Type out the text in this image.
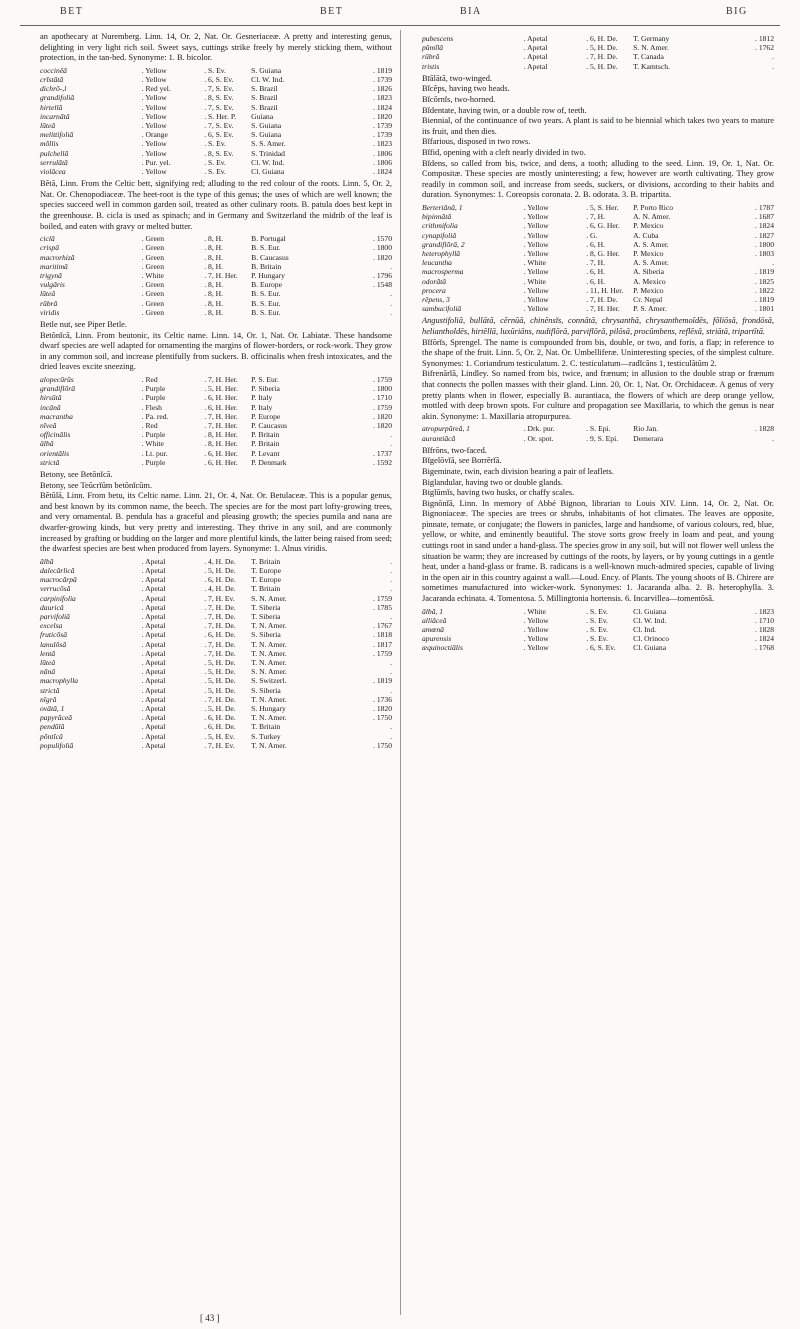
BET	BET	BIA	BIG

an apothecary at Nuremberg. Linn. 14, Or. 2, Nat. Or. Gesneriaceæ. A pretty and interesting genus, delighting in very light rich soil. Sweet says, cuttings strike freely by merely sticking them, without protection, in the tan-bed. Synonyme: 1. B. bicolor.

coccinĕă	. Yellow	. S. Ev.	S. Guiana	. 1819
crīstātā	. Yellow	. 6, S. Ev.	Cl. W. Ind.	. 1739
dichrŏ-,l	. Red yel.	. 7, S. Ev.	S. Brazil	. 1826
grandifoliă	. Yellow	. 8, S. Ev.	S. Brazil	. 1823
hirtellă	. Yellow	. 7, S. Ev.	S. Brazil	. 1824
incarnātă	. Yellow	. S. Her. P.	Guiana	. 1820
lūteă	. Yellow	. 7, S. Ev.	S. Guiana	. 1739
melittifoliă	. Orange	. 6, S. Ev.	S. Guiana	. 1739
mŏllis	. Yellow	. S. Ev.	S. S. Amer.	. 1823
pulchellă	. Yellow	. 8, S. Ev.	S. Trinidad	. 1806
serrulātă	. Pur. yel.	. S. Ev.	Cl. W. Ind.	. 1806
violācea	. Yellow	. S. Ev.	Cl. Guiana	. 1824

Bĕtă, Linn. From the Celtic bett, signifying red; alluding to the red colour of the roots. Linn. 5, Or. 2, Nat. Or. Chenopodiaceæ. The beet-root is the type of this genus; the uses of which are well known; the species succeed well in common garden soil, treated as other culinary roots. B. patula does best kept in the greenhouse. B. cicla is used as spinach; and in Germany and Switzerland the midrib of the leaf is boiled, and eaten with gravy or melted butter.

ciclă	. Green	. 8, H.	B. Portugal	. 1570
crispă	. Green	. 8, H.	B. S. Eur.	. 1800
macrorhiză	. Green	. 8, H.	B. Caucasus	. 1820
maritimă	. Green	. 8, H.	B. Britain	.
trigynă	. White	. 7, H. Her.	P. Hungary	. 1796
vulgāris	. Green	. 8, H.	B. Europe	. 1548
lūteă	. Green	. 8, H.	B. S. Eur.	.
rūbră	. Green	. 8, H.	B. S. Eur.	.
viridis	. Green	. 8, H.	B. S. Eur.	.

Betle nut, see Piper Betle.

Betŏnĭcā, Linn. From beutonic, its Celtic name. Linn. 14, Or. 1, Nat. Or. Labiatæ. These handsome dwarf species are well adapted for ornamenting the margins of flower-borders, or rock-work. They grow in any common soil, and increase plentifully from suckers. B. officinalis when fresh intoxicates, and the dried leaves excite sneezing.

alopecūrŭs	. Red	. 7, H. Her.	P. S. Eur.	. 1759
grandiflōră	. Purple	. 5, H. Her.	P. Siberia	. 1800
hirsūtă	. Purple	. 6, H. Her.	P. Italy	. 1710
incānă	. Flesh	. 6, H. Her.	P. Italy	. 1759
macrantha	. Pa. red.	. 7, H. Her.	P. Europe	. 1820
nĭveă	. Red	. 7, H. Her.	P. Caucasus	. 1820
officinālis	. Purple	. 8, H. Her.	P. Britain	.
ălbă	. White	. 8, H. Her.	P. Britain	.
orientālis	. Lt. pur.	. 6, H. Her.	P. Levant	. 1737
strictă	. Purple	. 6, H. Her.	P. Denmark	. 1592

Betony, see Betŏnĭcā.

Betony, see Teŭcrĭŭm betŏnĭcŭm.

Bĕtŭlā, Linn. From betu, its Celtic name. Linn. 21, Or. 4, Nat. Or. Betulaceæ. This is a popular genus, and best known by its common name, the beech. The species are for the most part lofty-growing trees, and very ornamental. B. pendula has a graceful and pleasing growth; the species pumila and nana are dwarfer-growing kinds, but very pretty and interesting. They thrive in any soil, and are commonly increased by grafting or budding on the larger and more plentiful kinds, the latter being raised from seed; the dwarfest species are best when produced from layers. Synonyme: 1. Alnus viridis.

ălbă	. Apetal	. 4, H. De.	T. Britain	.
dalecărlică	. Apetal	. 5, H. De.	T. Europe	.
macrocărpă	. Apetal	. 6, H. De.	T. Europe	.
verrucōsă	. Apetal	. 4, H. De.	T. Britain	.
carpinifolia	. Apetal	. 7, H. Ev.	S. N. Amer.	. 1759
daurică	. Apetal	. 7, H. De.	T. Siberia	. 1785
parvifoliă	. Apetal	. 7, H. De.	T. Siberia	.
excelsa	. Apetal	. 7, H. De.	T. N. Amer.	. 1767
fruticōsă	. Apetal	. 6, H. De.	S. Siberia	. 1818
lanulōsă	. Apetal	. 7, H. De.	T. N. Amer.	. 1817
lentă	. Apetal	. 7, H. De.	T. N. Amer.	. 1759
lūteă	. Apetal	. 5, H. De.	T. N. Amer.	.
nānă	. Apetal	. 5, H. De.	S. N. Amer.	.
macrophylla	. Apetal	. 5, H. De.	S. Switzerl.	. 1819
strictă	. Apetal	. 5, H. De.	S. Siberia	.
nĭgră	. Apetal	. 7, H. De.	T. N. Amer.	. 1736
ovātă, 1	. Apetal	. 5, H. De.	S. Hungary	. 1820
papyrăceă	. Apetal	. 6, H. De.	T. N. Amer.	. 1750
pendŭlă	. Apetal	. 6, H. De.	T. Britain	.
pŏntĭcă	. Apetal	. 5, H. Ev.	S. Turkey	.
populifoliă	. Apetal	. 7, H. Ev.	T. N. Amer.	. 1750
pubescens	. Apetal	. 6, H. De.	T. Germany	. 1812
pŭmĭlă	. Apetal	. 5, H. De.	S. N. Amer.	. 1762
rūbră	. Apetal	. 7, H. De.	T. Canada	.
tristis	. Apetal	. 5, H. De.	T. Kamtsch.	.

Bīālātă, two-winged.

Bĭcĕps, having two heads.

Bĭcŏrnĭs, two-horned.

Bĭdentate, having twin, or a double row of, teeth.

Biennial, of the continuance of two years. A plant is said to be biennial which takes two years to mature its fruit, and then dies.

Bĭfarious, disposed in two rows.

Bĭfid, opening with a cleft nearly divided in two.

Bĭdens, so called from bis, twice, and dens, a tooth; alluding to the seed. Linn. 19, Or. 1, Nat. Or. Compositæ. These species are mostly uninteresting; a few, however are worth cultivating. They grow readily in common soil, and increase from seeds, suckers, or divisions, according to their habits and duration. Synonymes: 1. Coreopsis coronata. 2. B. odorata. 3. B. tripartita.

Berteriānă, 1	. Yellow	. 5, S. Her.	P. Porto Rico	. 1787
bipinnātă	. Yellow	. 7, H.	A. N. Amer.	. 1687
crithmifolia	. Yellow	. 6, G. Her.	P. Mexico	. 1824
cynapifoliă	. Yellow	. G.	A. Cuba	. 1827
grandiflōră, 2	. Yellow	. 6, H.	A. S. Amer.	. 1800
heterophyllă	. Yellow	. 8, G. Her.	P. Mexico	. 1803
leucantha	. White	. 7, H.	A. S. Amer.	.
macrosperma	. Yellow	. 6, H.	A. Siberia	. 1819
odorātă	. White	. 6, H.	A. Mexico	. 1825
procera	. Yellow	. 11, H. Her.	P. Mexico	. 1822
rĕpens, 3	. Yellow	. 7, H. De.	Cr. Nepal	. 1819
sambucifoliă	. Yellow	. 7, H. Her.	P. S. Amer.	. 1801

Angustifoliă, bullātă, cĕrnŭă, chinĕnsĭs, connātă, chrysanthă, chrysanthemoīdĕs, fŏliōsă, frondōsă, heliantholdĕs, hirtĕllă, luxŭriāns, nudiflōră, parviflōră, pilōsă, procŭmbens, reflĕxă, striātă, tripartītă.

Bĭfōrĭs, Sprengel. The name is compounded from bis, double, or two, and foris, a flap; in reference to the shape of the fruit. Linn. 5, Or. 2, Nat. Or. Umbelliferæ. Uninteresting species, of the simplest culture. Synonymes: 1. Coriandrum testiculatum. 2. C. testiculatum—radĭcāns 1, testiculātŭm 2.

Bifrenārĭă, Lindley. So named from bis, twice, and frænum; in allusion to the double strap or frænum that connects the pollen masses with their gland. Linn. 20, Or. 1, Nat. Or. Orchidaceæ. A genus of very pretty plants when in flower, especially B. aurantiaca, the flowers of which are deep orange yellow, mottled with deep brown spots. For culture and propagation see Maxillaria, to which the genus is near akin. Synonyme: 1. Maxillaria atropurpurea.

atropurpŭreă, 1	. Drk. pur.	. S. Epi.	Rio Jan.	. 1828
aurantiăcă	. Or. spot.	. 9, S. Epi.	Demerara	.

Bĭfrōns, two-faced.

Bĭgelōvĭă, see Borrĕrĭă.

Bigeminate, twin, each division bearing a pair of leaflets.

Biglandular, having two or double glands.

Biglŭmĭs, having two husks, or chaffy scales.

Bignŏnĭă, Linn. In memory of Abbé Bignon, librarian to Louis XIV. Linn. 14, Or. 2, Nat. Or. Bignoniaceæ. The species are trees or shrubs, inhabitants of hot climates. The leaves are opposite, pinnate, ternate, or conjugate; the flowers in panicles, large and handsome, of various colours, red, blue, yellow, or white, and eminently beautiful. The stove sorts grow freely in loam and peat, and young cuttings root in sand under a hand-glass. The species grow in any soil, but will not flower well unless the situation be warm; they are increased by cuttings of the roots, by layers, or by young cuttings in a gentle heat, under a hand-glass or frame. B. radicans is a well-known much-admired species, capable of living in the open air in this country against a wall.—Loud. Ency. of Plants. The young shoots of B. Chirere are sometimes manufactured into wicker-work. Synonymes: 1. Jacaranda alba. 2. B. heterophylla. 3. Jacaranda echinata. 4. Tomentosa. 5. Millingtonia hortensis. 6. Incarvillea—tomentōsă.

ălbă, 1	. White	. S. Ev.	Cl. Guiana	. 1823
alliăceă	. Yellow	. S. Ev.	Cl. W. Ind.	. 1710
amœnă	. Yellow	. S. Ev.	Cl. Ind.	. 1828
apurensis	. Yellow	. S. Ev.	Cl. Orinoco	. 1824
æquinoctiālis	. Yellow	. 6, S. Ev.	Cl. Guiana	. 1768
[ 43 ]
